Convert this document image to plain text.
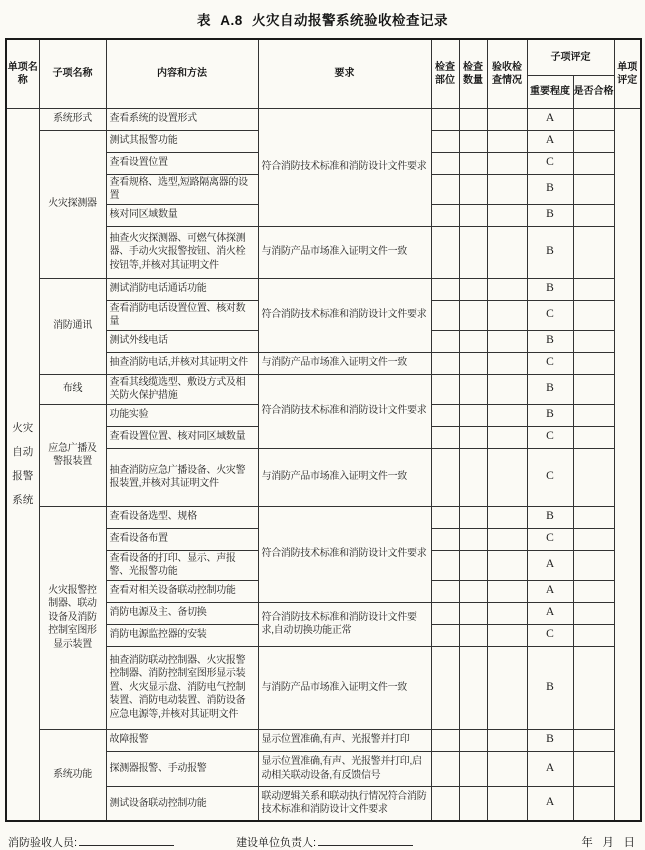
表 A.8 火灾自动报警系统验收检查记录
单项名称	子项名称	内容和方法	要求	检查部位	检查数量	验收检查情况	子项评定		单项评定
							重要程度	是否合格	
火灾自动报警系统	系统形式	查看系统的设置形式	符合消防技术标准和消防设计文件要求				A		
	火灾探测器	测试其报警功能					A		
		查看设置位置					C		
		查看规格、选型,短路隔离器的设置					B		
		核对同区域数量					B		
		抽查火灾探测器、可燃气体探测器、手动火灾报警按钮、消火栓按钮等,并核对其证明文件	与消防产品市场准入证明文件一致				B		
	消防通讯	测试消防电话通话功能	符合消防技术标准和消防设计文件要求				B		
		查看消防电话设置位置、核对数量					C		
		测试外线电话					B		
		抽查消防电话,并核对其证明文件	与消防产品市场准入证明文件一致				C		
	布线	查看其线缆选型、敷设方式及相关防火保护措施	符合消防技术标准和消防设计文件要求				B		
	应急广播及警报装置	功能实验					B		
		查看设置位置、核对同区域数量					C		
		抽查消防应急广播设备、火灾警报装置,并核对其证明文件	与消防产品市场准入证明文件一致				C		
	火灾报警控制器、联动设备及消防控制室图形显示装置	查看设备选型、规格	符合消防技术标准和消防设计文件要求				B		
		查看设备布置					C		
		查看设备的打印、显示、声报警、光报警功能					A		
		查看对相关设备联动控制功能					A		
		消防电源及主、备切换	符合消防技术标准和消防设计文件要求,自动切换功能正常				A		
		消防电源监控器的安装					C		
		抽查消防联动控制器、火灾报警控制器、消防控制室图形显示装置、火灾显示盘、消防电气控制装置、消防电动装置、消防设备应急电源等,并核对其证明文件	与消防产品市场准入证明文件一致				B		
	系统功能	故障报警	显示位置准确,有声、光报警并打印				B		
		探测器报警、手动报警	显示位置准确,有声、光报警并打印,启动相关联动设备,有反馈信号				A		
		测试设备联动控制功能	联动逻辑关系和联动执行情况符合消防技术标准和消防设计文件要求				A		
消防验收人员:	建设单位负责人:	年   月   日
